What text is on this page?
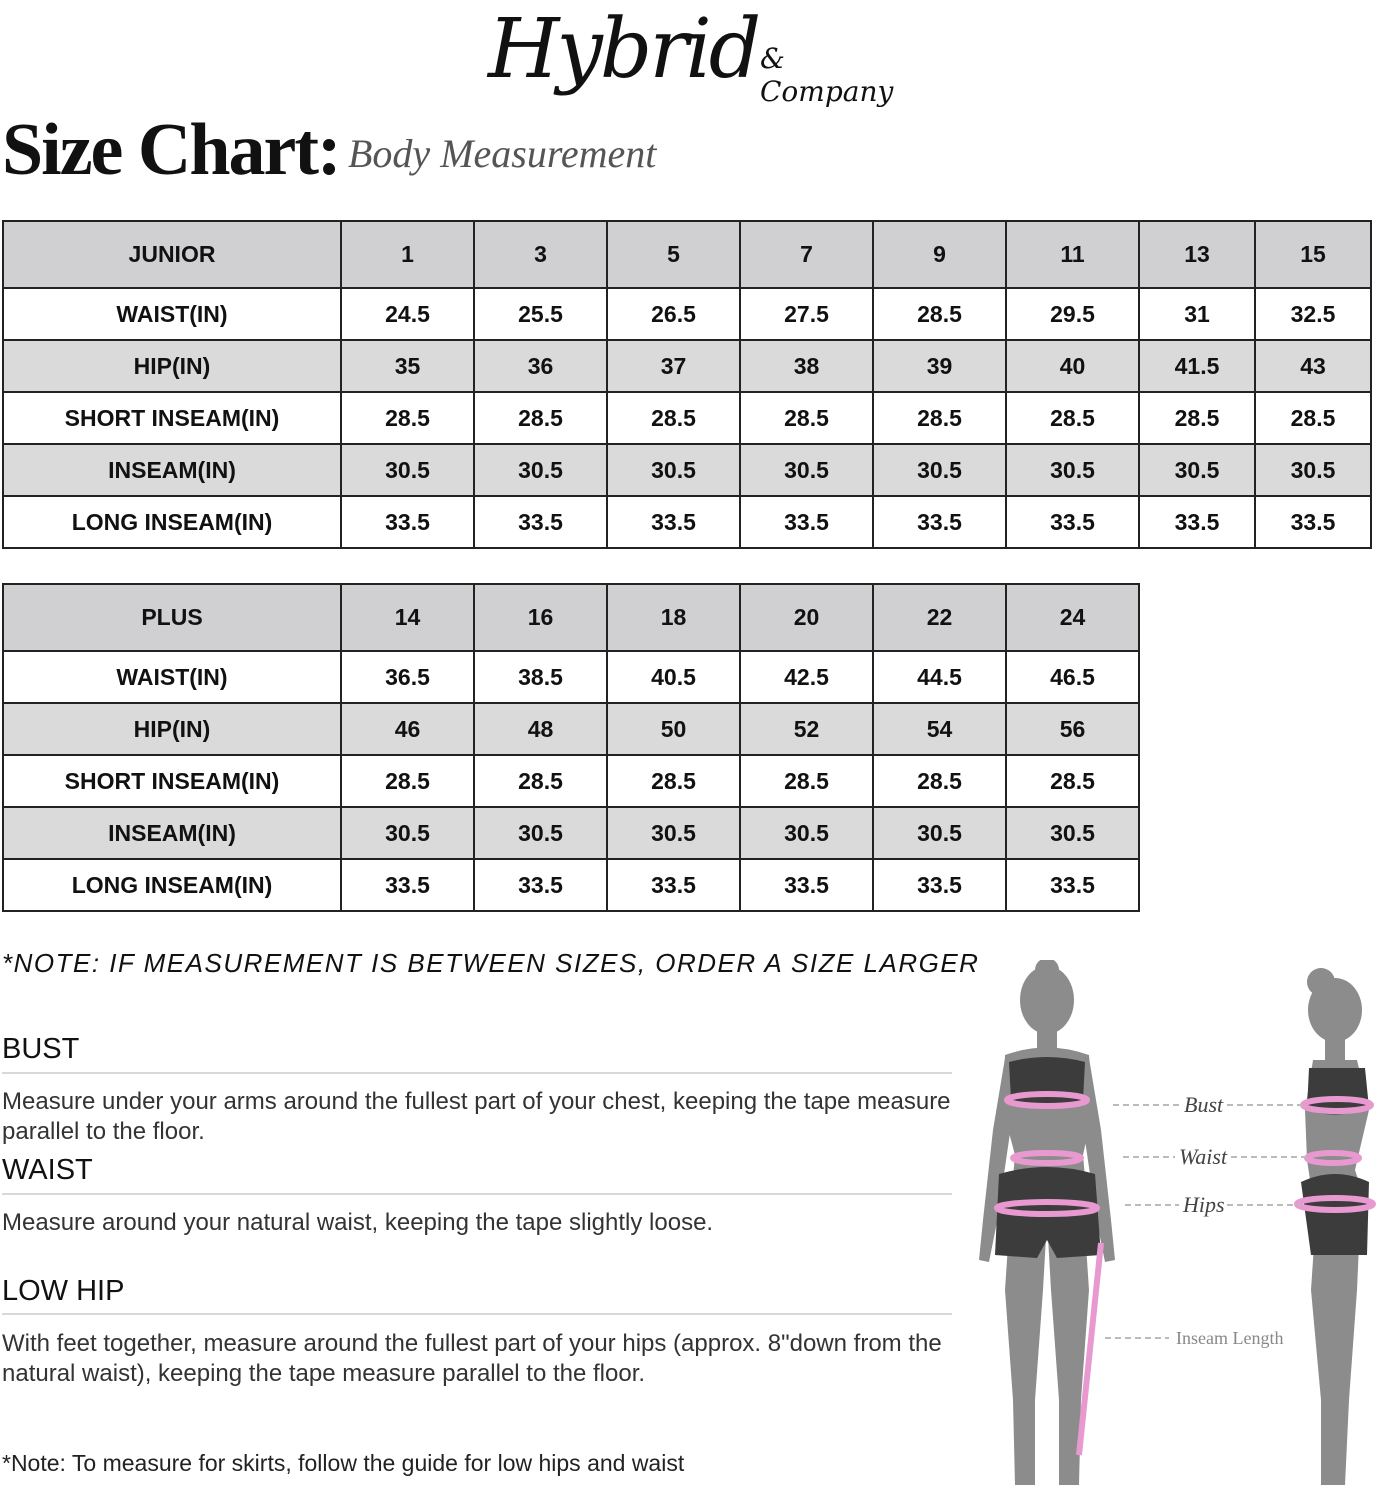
Hybrid & Company
Size Chart: Body Measurement
JUNIOR	1	3	5	7	9	11	13	15
WAIST(IN)	24.5	25.5	26.5	27.5	28.5	29.5	31	32.5
HIP(IN)	35	36	37	38	39	40	41.5	43
SHORT INSEAM(IN)	28.5	28.5	28.5	28.5	28.5	28.5	28.5	28.5
INSEAM(IN)	30.5	30.5	30.5	30.5	30.5	30.5	30.5	30.5
LONG INSEAM(IN)	33.5	33.5	33.5	33.5	33.5	33.5	33.5	33.5
PLUS	14	16	18	20	22	24
WAIST(IN)	36.5	38.5	40.5	42.5	44.5	46.5
HIP(IN)	46	48	50	52	54	56
SHORT INSEAM(IN)	28.5	28.5	28.5	28.5	28.5	28.5
INSEAM(IN)	30.5	30.5	30.5	30.5	30.5	30.5
LONG INSEAM(IN)	33.5	33.5	33.5	33.5	33.5	33.5
*NOTE: IF MEASUREMENT IS BETWEEN SIZES, ORDER A SIZE LARGER
BUST
Measure under your arms around the fullest part of your chest, keeping the tape measure parallel to the floor.
WAIST
Measure around your natural waist, keeping the tape slightly loose.
LOW HIP
With feet together, measure around the fullest part of your hips (approx. 8"down from the natural waist), keeping the tape measure parallel to the floor.
*Note: To measure for skirts, follow the guide for low hips and waist
Bust
Waist
Hips
Inseam Length
